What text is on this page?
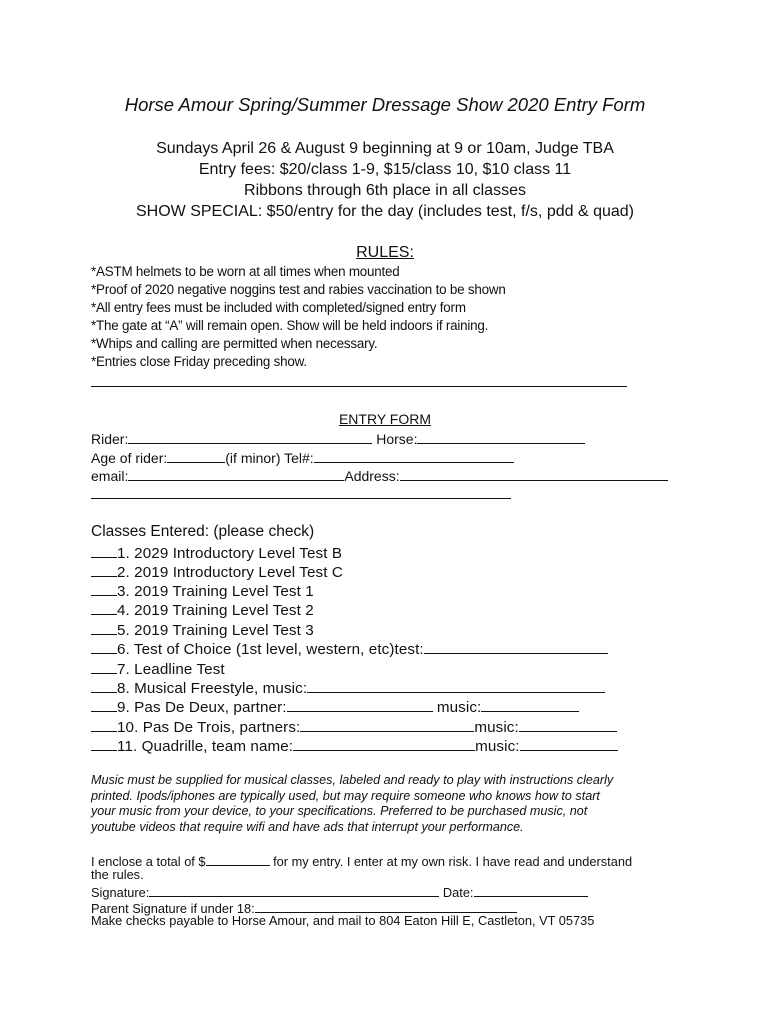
Horse Amour Spring/Summer Dressage Show 2020 Entry Form
Sundays April 26 & August 9 beginning at 9 or 10am, Judge TBA
Entry fees: $20/class 1-9, $15/class 10, $10 class 11
Ribbons through 6th place in all classes
SHOW SPECIAL: $50/entry for the day (includes test, f/s, pdd & quad)
RULES:
*ASTM helmets to be worn at all times when mounted
*Proof of 2020 negative noggins test and rabies vaccination to be shown
*All entry fees must be included with completed/signed entry form
*The gate at “A” will remain open. Show will be held indoors if raining.
*Whips and calling are permitted when necessary.
*Entries close Friday preceding show.
ENTRY FORM
Rider:	Horse:
Age of rider:	(if minor) Tel#:
email:	Address:
Classes Entered: (please check)
1. 2029 Introductory Level Test B
2. 2019 Introductory Level Test C
3. 2019 Training Level Test 1
4. 2019 Training Level Test 2
5. 2019 Training Level Test 3
6. Test of Choice (1st level, western, etc)test:
7. Leadline Test
8. Musical Freestyle, music:
9. Pas De Deux, partner:	music:
10. Pas De Trois, partners:	music:
11. Quadrille, team name:	music:
Music must be supplied for musical classes, labeled and ready to play with instructions clearly
printed. Ipods/iphones are typically used, but may require someone who knows how to start
your music from your device, to your specifications. Preferred to be purchased music, not
youtube videos that require wifi and have ads that interrupt your performance.
I enclose a total of $	for my entry. I enter at my own risk. I have read and understand
the rules.
Signature:	Date:
Parent Signature if under 18:
Make checks payable to Horse Amour, and mail to 804 Eaton Hill E, Castleton, VT 05735
